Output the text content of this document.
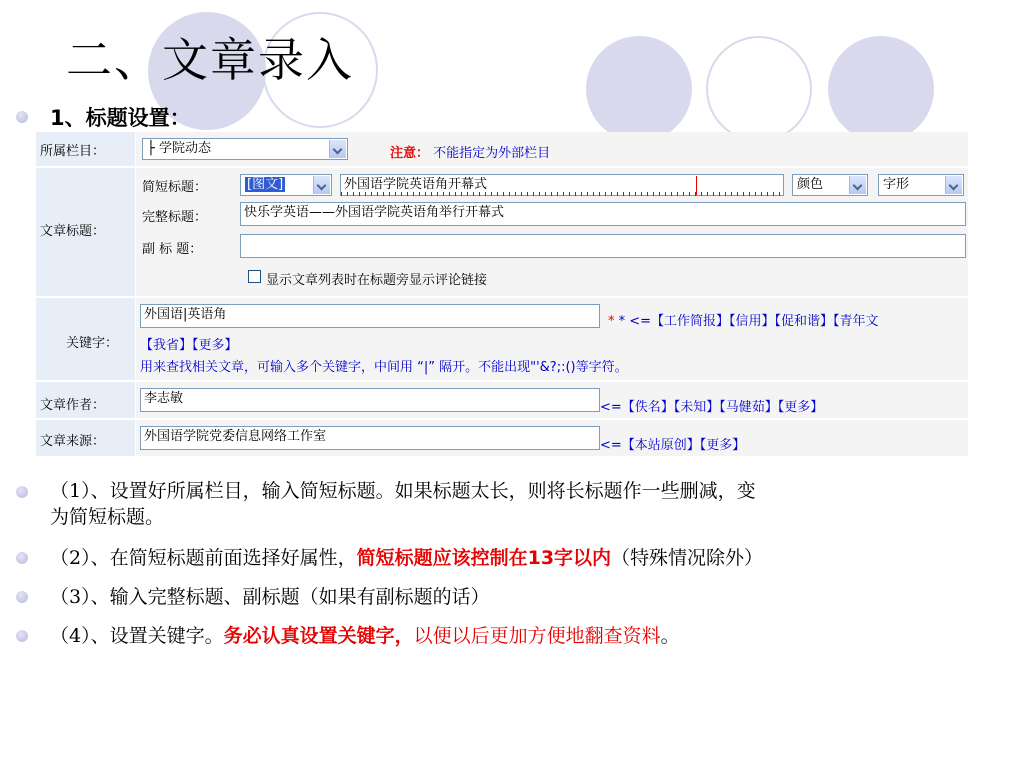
二、文章录入
1、标题设置：
所属栏目：	├ 学院动态	注意： 不能指定为外部栏目
文章标题：
简短标题：	[图文]	外国语学院英语角开幕式	颜色	字形
完整标题：	快乐学英语——外国语学院英语角举行开幕式
副 标 题：
显示文章列表时在标题旁显示评论链接
关键字：
外国语|英语角	* * <=【工作简报】【信用】【促和谐】【青年文
【我省】【更多】
用来查找相关文章，可输入多个关键字，中间用 “|” 隔开。不能出现"'&?;:()等字符。
文章作者：	李志敏
<=【佚名】【未知】【马健茹】【更多】
文章来源：	外国语学院党委信息网络工作室
<=【本站原创】【更多】
（1）、设置好所属栏目，输入简短标题。如果标题太长，则将长标题作一些删减，变
为简短标题。
（2）、在简短标题前面选择好属性，简短标题应该控制在13字以内（特殊情况除外）
（3）、输入完整标题、副标题（如果有副标题的话）
（4）、设置关键字。务必认真设置关键字，以便以后更加方便地翻查资料。
